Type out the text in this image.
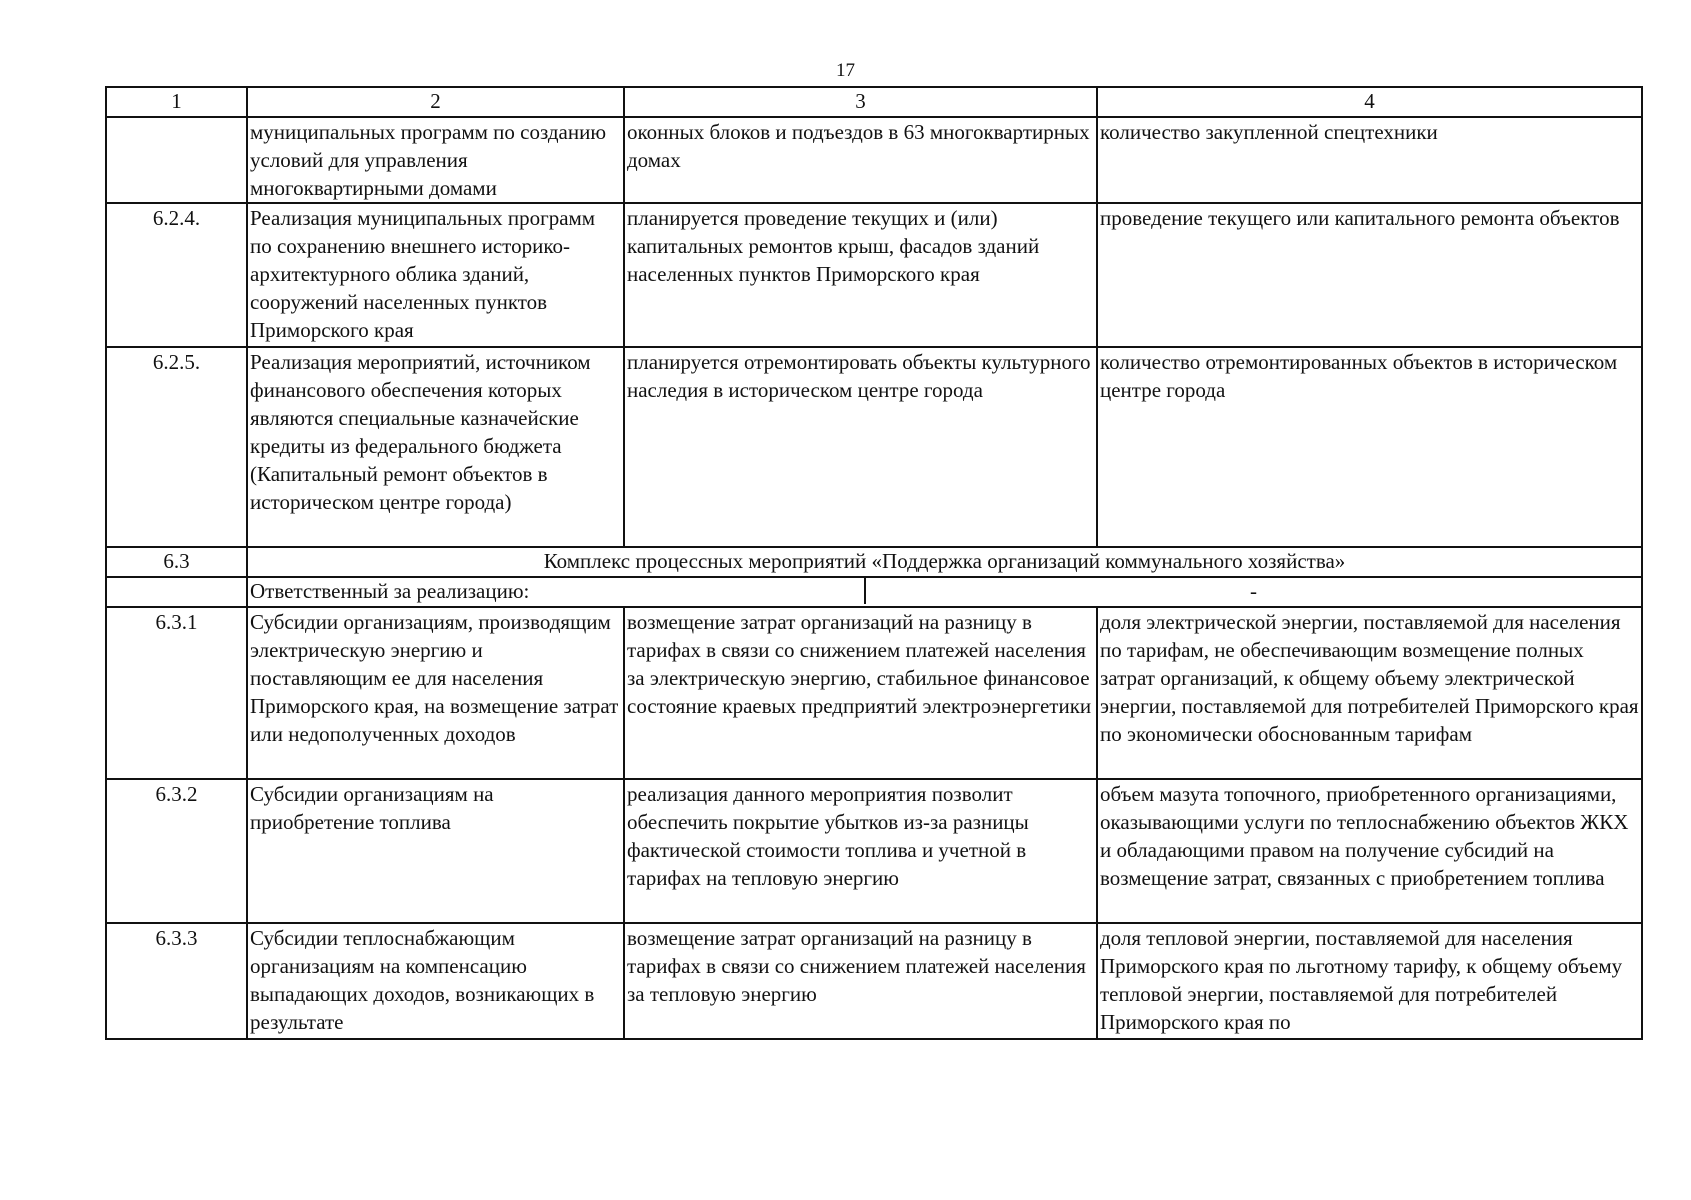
17
1	2	3	4
	муниципальных программ по созданию условий для управления многоквартирными домами	оконных блоков и подъездов в 63 многоквартирных домах	количество закупленной спецтехники
6.2.4.	Реализация муниципальных программ по сохранению внешнего историко-архитектурного облика зданий, сооружений населенных пунктов Приморского края	планируется проведение текущих и (или) капитальных ремонтов крыш, фасадов зданий населенных пунктов Приморского края	проведение текущего или капитального ремонта объектов
6.2.5.	Реализация мероприятий, источником финансового обеспечения которых являются специальные казначейские кредиты из федерального бюджета (Капитальный ремонт объектов в историческом центре города)	планируется отремонтировать объекты культурного наследия в историческом центре города	количество отремонтированных объектов в историческом центре города
6.3	Комплекс процессных мероприятий «Поддержка организаций коммунального хозяйства»		

	Ответственный за реализацию: -		

6.3.1	Субсидии организациям, производящим электрическую энергию и поставляющим ее для населения Приморского края, на возмещение затрат или недополученных доходов	возмещение затрат организаций на разницу в тарифах в связи со снижением платежей населения за электрическую энергию, стабильное финансовое состояние краевых предприятий электроэнергетики	доля электрической энергии, поставляемой для населения по тарифам, не обеспечивающим возмещение полных затрат организаций, к общему объему электрической энергии, поставляемой для потребителей Приморского края по экономически обоснованным тарифам
6.3.2	Субсидии организациям на приобретение топлива	реализация данного мероприятия позволит обеспечить покрытие убытков из-за разницы фактической стоимости топлива и учетной в тарифах на тепловую энергию	объем мазута топочного, приобретенного организациями, оказывающими услуги по теплоснабжению объектов ЖКХ и обладающими правом на получение субсидий на возмещение затрат, связанных с приобретением топлива
6.3.3	Субсидии теплоснабжающим организациям на компенсацию выпадающих доходов, возникающих в результате	возмещение затрат организаций на разницу в тарифах в связи со снижением платежей населения за тепловую энергию	доля тепловой энергии, поставляемой для населения Приморского края по льготному тарифу, к общему объему тепловой энергии, поставляемой для потребителей Приморского края по
